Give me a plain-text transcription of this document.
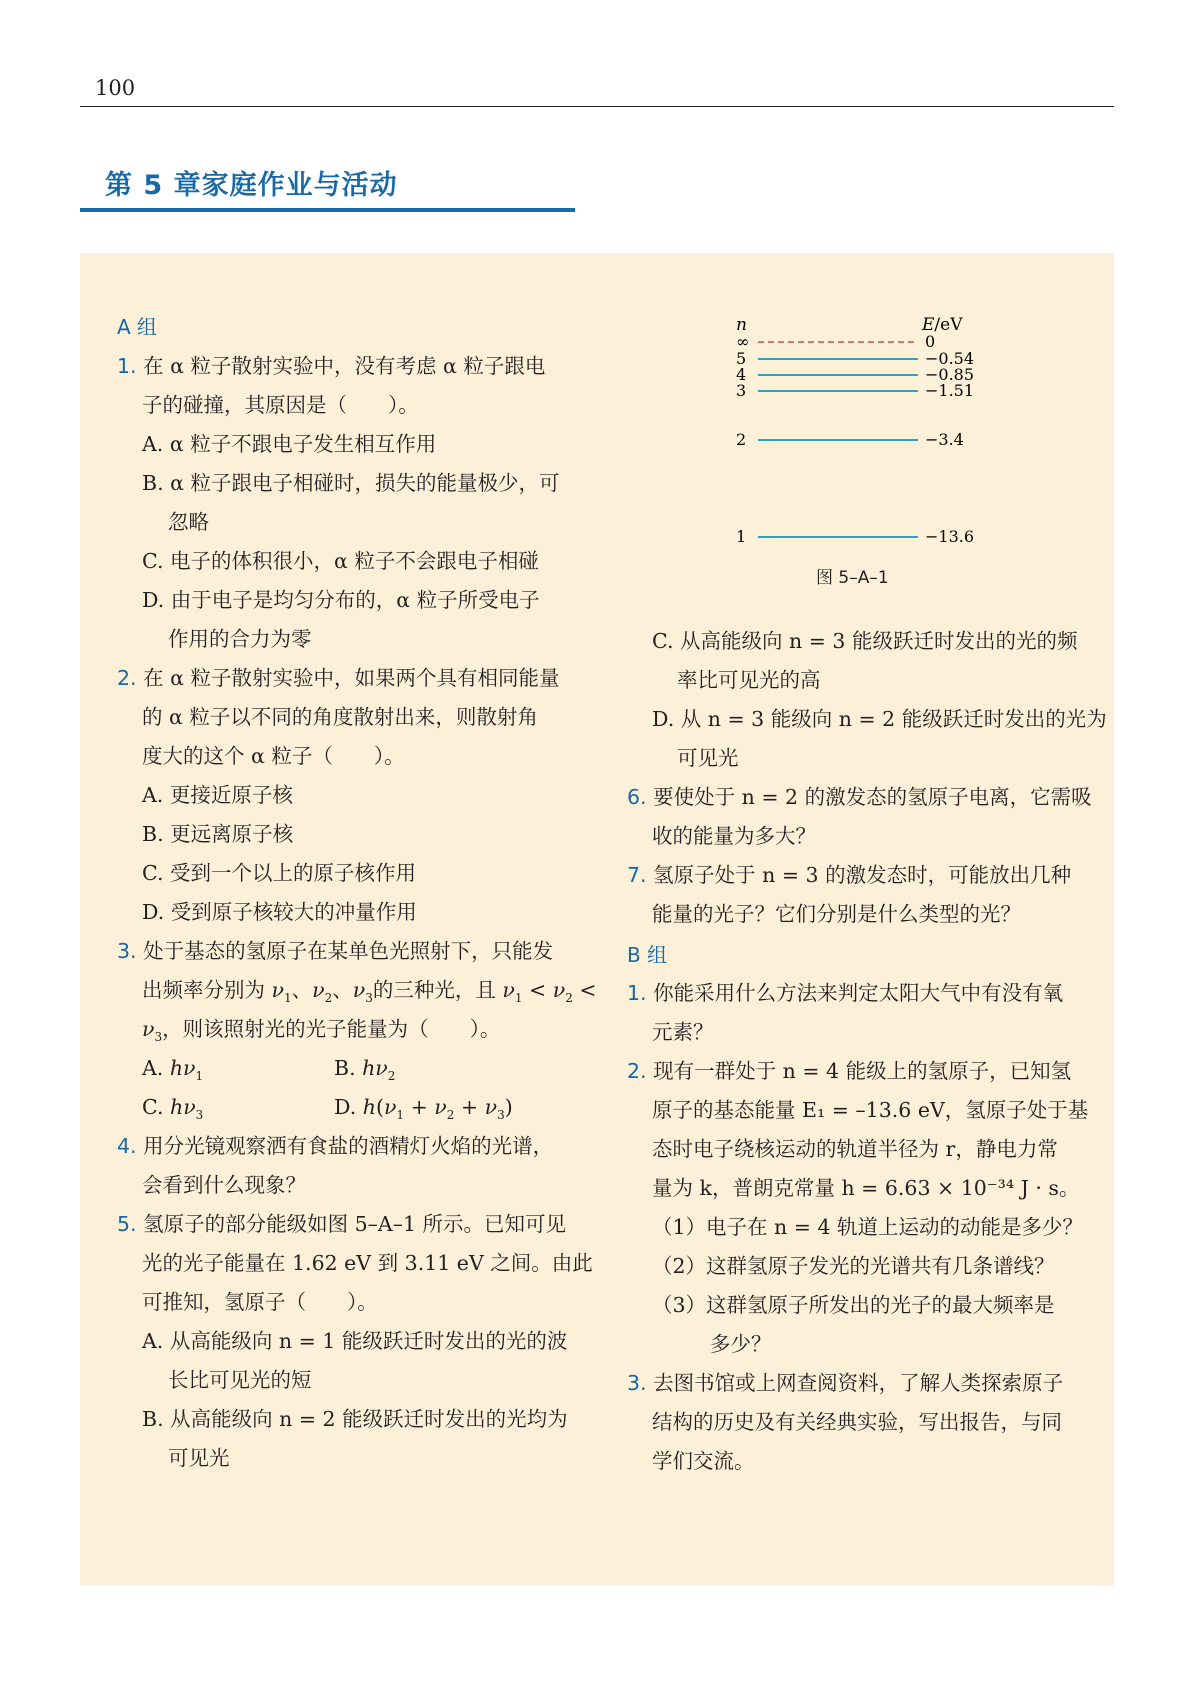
100
第 5 章家庭作业与活动
A 组
1. 在 α 粒子散射实验中，没有考虑 α 粒子跟电
子的碰撞，其原因是（　　）。
A. α 粒子不跟电子发生相互作用
B. α 粒子跟电子相碰时，损失的能量极少，可
忽略
C. 电子的体积很小，α 粒子不会跟电子相碰
D. 由于电子是均匀分布的，α 粒子所受电子
作用的合力为零
2. 在 α 粒子散射实验中，如果两个具有相同能量
的 α 粒子以不同的角度散射出来，则散射角
度大的这个 α 粒子（　　）。
A. 更接近原子核
B. 更远离原子核
C. 受到一个以上的原子核作用
D. 受到原子核较大的冲量作用
3. 处于基态的氢原子在某单色光照射下，只能发
出频率分别为 $\nu_1$、$\nu_2$、$\nu_3$的三种光，且 $\nu_1 < \nu_2$ <
$\nu_3$，则该照射光的光子能量为（　　）。
A. $h\nu_1$	B. $h\nu_2$
C. $h\nu_3$	D. $h(\nu_1 + \nu_2 + \nu_3)$
4. 用分光镜观察洒有食盐的酒精灯火焰的光谱，
会看到什么现象？
5. 氢原子的部分能级如图 5–A–1 所示。已知可见
光的光子能量在 1.62 eV 到 3.11 eV 之间。由此
可推知，氢原子（　　）。
A. 从高能级向 n = 1 能级跃迁时发出的光的波
长比可见光的短
B. 从高能级向 n = 2 能级跃迁时发出的光均为
可见光
n	E/eV
∞	0
5	−0.54
4	−0.85
3	−1.51
2	−3.4
1	−13.6
图 5–A–1
C. 从高能级向 n = 3 能级跃迁时发出的光的频
率比可见光的高
D. 从 n = 3 能级向 n = 2 能级跃迁时发出的光为
可见光
6. 要使处于 n = 2 的激发态的氢原子电离，它需吸
收的能量为多大？
7. 氢原子处于 n = 3 的激发态时，可能放出几种
能量的光子？它们分别是什么类型的光？
B 组
1. 你能采用什么方法来判定太阳大气中有没有氧
元素？
2. 现有一群处于 n = 4 能级上的氢原子，已知氢
原子的基态能量 E₁ = –13.6 eV，氢原子处于基
态时电子绕核运动的轨道半径为 r，静电力常
量为 k，普朗克常量 h = 6.63 × 10⁻³⁴ J · s。
（1）电子在 n = 4 轨道上运动的动能是多少？
（2）这群氢原子发光的光谱共有几条谱线？
（3）这群氢原子所发出的光子的最大频率是
多少？
3. 去图书馆或上网查阅资料，了解人类探索原子
结构的历史及有关经典实验，写出报告，与同
学们交流。
